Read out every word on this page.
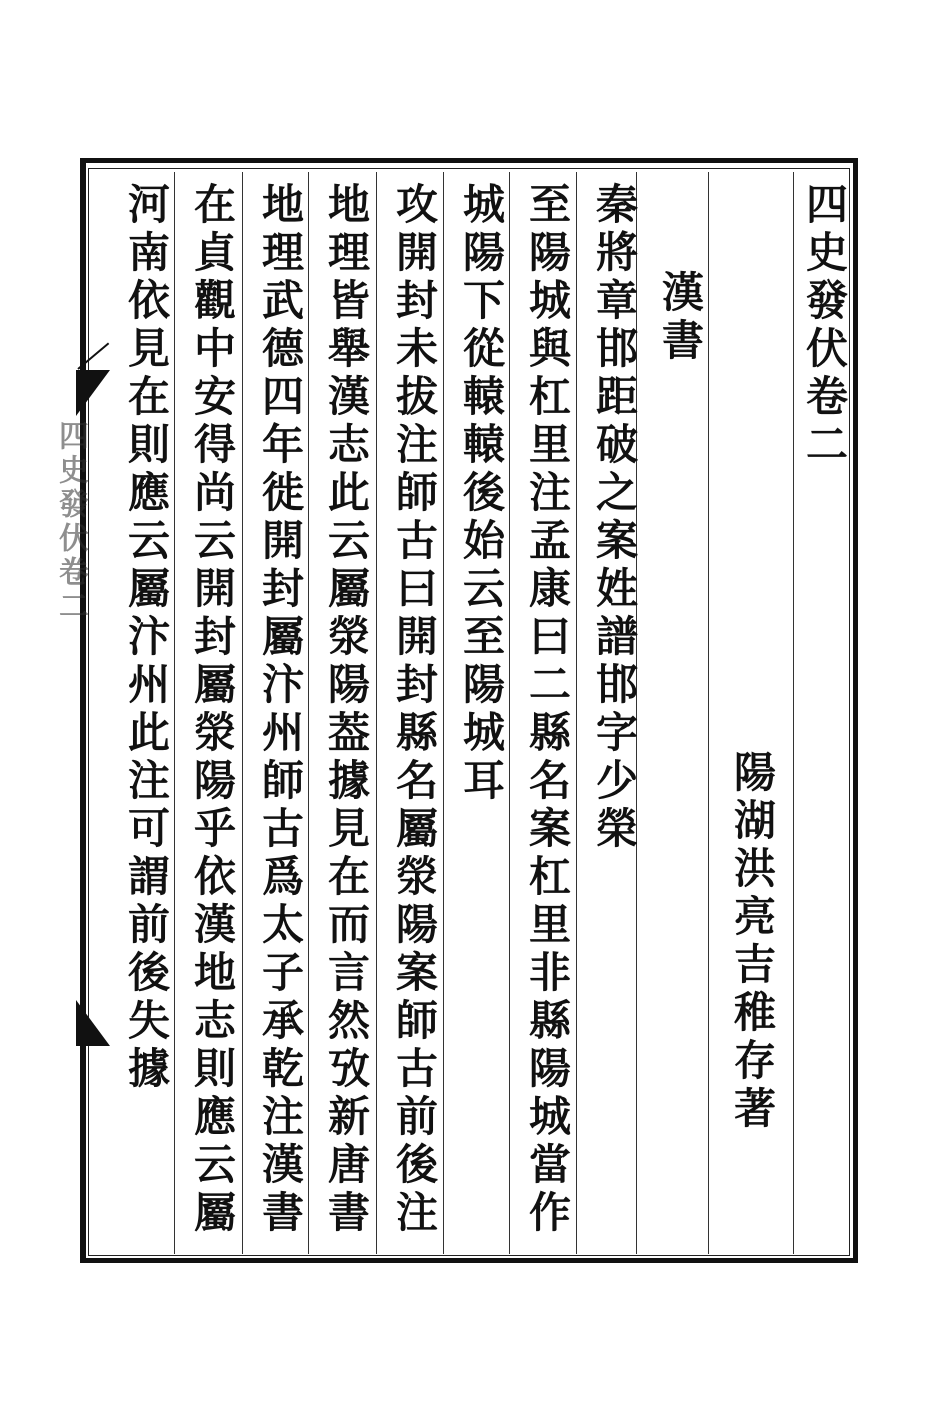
四史發伏卷二
陽湖洪亮吉稚存著
漢書
秦將章邯距破之案姓譜邯字少榮
至陽城與杠里注孟康曰二縣名案杠里非縣陽城當作
城陽下從轅轅後始云至陽城耳
攻開封未拔注師古曰開封縣名屬滎陽案師古前後注
地理皆舉漢志此云屬滎陽葢據見在而言然攷新唐書
地理武德四年徙開封屬汴州師古爲太子承乾注漢書
在貞觀中安得尚云開封屬滎陽乎依漢地志則應云屬
河南依見在則應云屬汴州此注可謂前後失據
四史發伏卷二
